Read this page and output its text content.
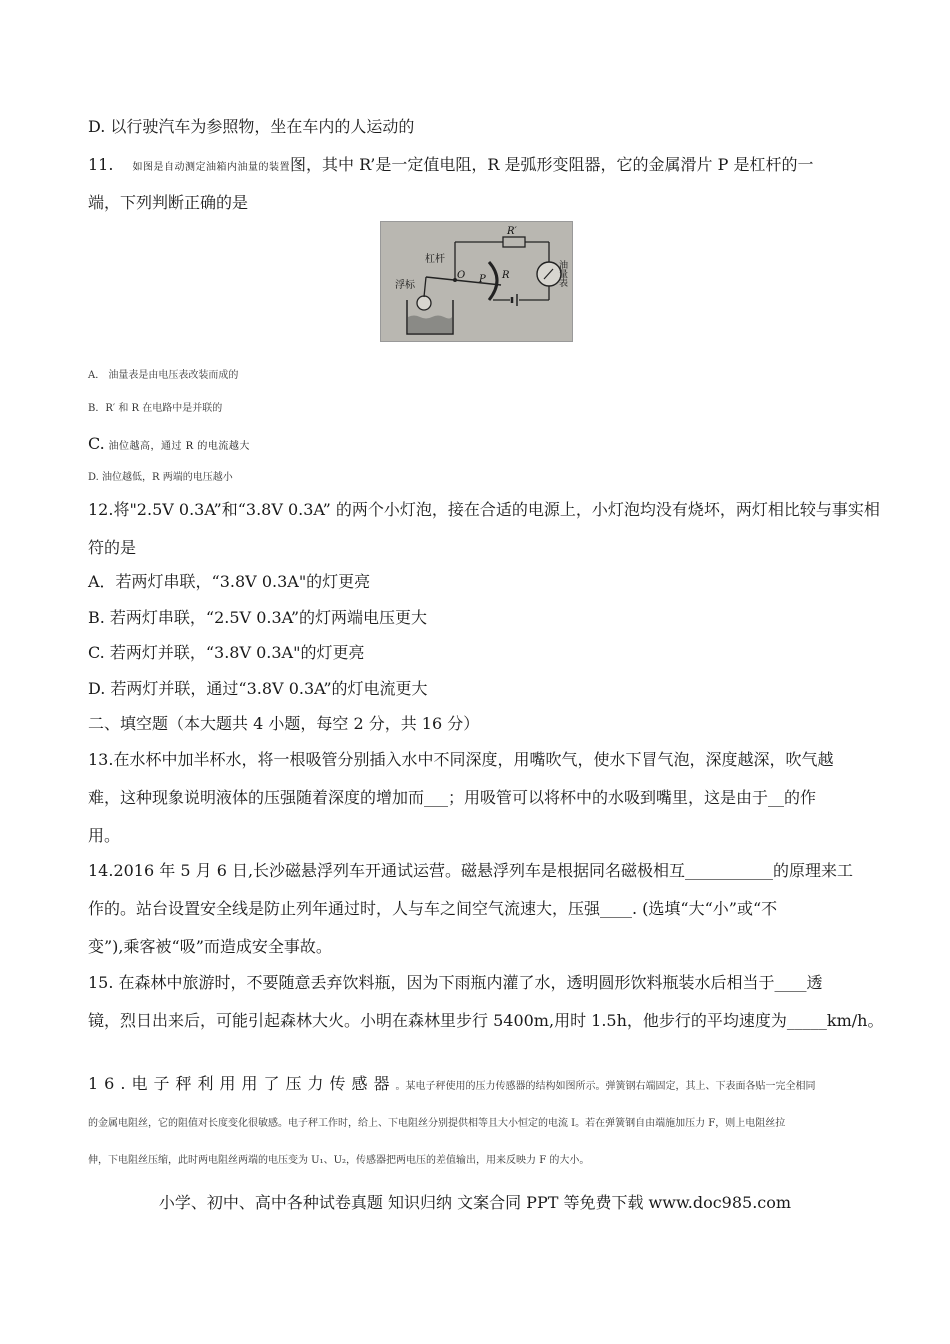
D. 以行驶汽车为参照物，坐在车内的人运动的
11. 如图是自动测定油箱内油量的装置图，其中 R’是一定值电阻，R 是弧形变阻器，它的金属滑片 P 是杠杆的一
端，下列判断正确的是
杠杆
浮标
O P R
R′
油量表
A． 油量表是由电压表改装而成的
B．R′ 和 R 在电路中是并联的
C. 油位越高，通过 R 的电流越大
D. 油位越低，R 两端的电压越小
12.将"2.5V 0.3A”和“3.8V 0.3A” 的两个小灯泡，接在合适的电源上，小灯泡均没有烧坏，两灯相比较与事实相
符的是
A．若两灯串联，“3.8V 0.3A"的灯更亮
B. 若两灯串联，“2.5V 0.3A”的灯两端电压更大
C. 若两灯并联，“3.8V 0.3A"的灯更亮
D. 若两灯并联，通过“3.8V 0.3A”的灯电流更大
二、填空题（本大题共 4 小题，每空 2 分，共 16 分）
13.在水杯中加半杯水，将一根吸管分别插入水中不同深度，用嘴吹气，使水下冒气泡，深度越深，吹气越
难，这种现象说明液体的压强随着深度的增加而___；用吸管可以将杯中的水吸到嘴里，这是由于__的作
用。
14.2016 年 5 月 6 日,长沙磁悬浮列车开通试运营。磁悬浮列车是根据同名磁极相互___________的原理来工
作的。站台设置安全线是防止列年通过时，人与车之间空气流速大，压强____. (选填“大“小”或“不
变”),乘客被“吸”而造成安全事故。
15. 在森林中旅游时，不要随意丢弃饮料瓶，因为下雨瓶内灌了水，透明圆形饮料瓶装水后相当于____透
镜，烈日出来后，可能引起森林大火。小明在森林里步行 5400m,用时 1.5h，他步行的平均速度为_____km/h。
16.电子秤利用用了压力传感器。某电子秤使用的压力传感器的结构如图所示。弹簧钢右端固定，其上、下表面各贴一完全相同
的金属电阻丝，它的阻值对长度变化很敏感。电子秤工作时，给上、下电阻丝分别提供相等且大小恒定的电流 I。若在弹簧钢自由端施加压力 F，则上电阻丝拉
伸，下电阻丝压缩，此时两电阻丝两端的电压变为 U₁、U₂，传感器把两电压的差值输出，用来反映力 F 的大小。
小学、初中、高中各种试卷真题 知识归纳 文案合同 PPT 等免费下载 www.doc985.com
